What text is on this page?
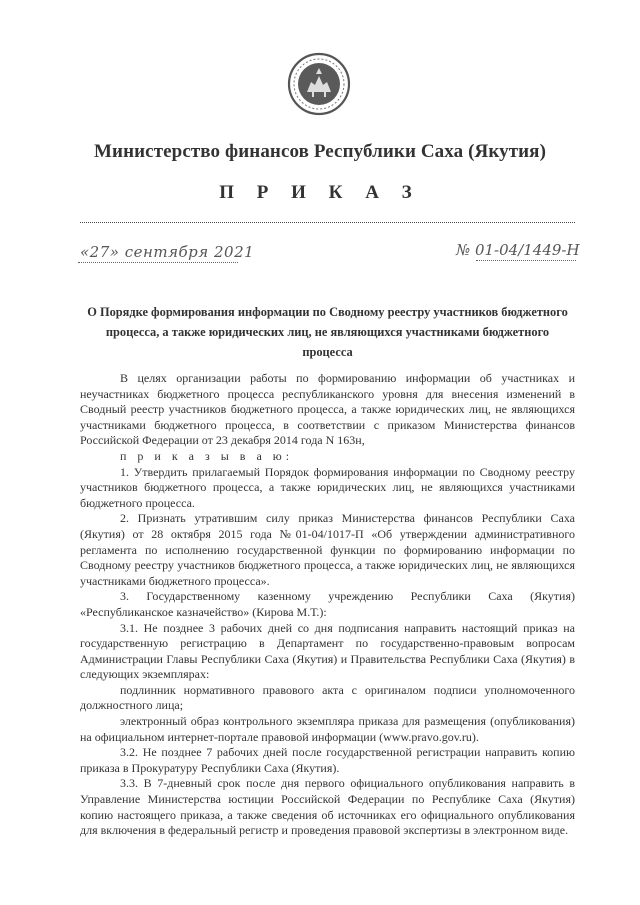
Министерство финансов Республики Саха (Якутия)
П Р И К А З
«27» сентября 2021	№ 01-04/1449-Н
О Порядке формирования информации по Сводному реестру участников бюджетного процесса, а также юридических лиц, не являющихся участниками бюджетного процесса

В целях организации работы по формированию информации об участниках и неучастниках бюджетного процесса республиканского уровня для внесения изменений в Сводный реестр участников бюджетного процесса, а также юридических лиц, не являющихся участниками бюджетного процесса, в соответствии с приказом Министерства финансов Российской Федерации от 23 декабря 2014 года N 163н,

п р и к а з ы в а ю:

1. Утвердить прилагаемый Порядок формирования информации по Сводному реестру участников бюджетного процесса, а также юридических лиц, не являющихся участниками бюджетного процесса.

2. Признать утратившим силу приказ Министерства финансов Республики Саха (Якутия) от 28 октября 2015 года №01-04/1017-П «Об утверждении административного регламента по исполнению государственной функции по формированию информации по Сводному реестру участников бюджетного процесса, а также юридических лиц, не являющихся участниками бюджетного процесса».

3. Государственному казенному учреждению Республики Саха (Якутия) «Республиканское казначейство» (Кирова М.Т.):

3.1. Не позднее 3 рабочих дней со дня подписания направить настоящий приказ на государственную регистрацию в Департамент по государственно-правовым вопросам Администрации Главы Республики Саха (Якутия) и Правительства Республики Саха (Якутия) в следующих экземплярах:

подлинник нормативного правового акта с оригиналом подписи уполномоченного должностного лица;

электронный образ контрольного экземпляра приказа для размещения (опубликования) на официальном интернет-портале правовой информации (www.pravo.gov.ru).

3.2. Не позднее 7 рабочих дней после государственной регистрации направить копию приказа в Прокуратуру Республики Саха (Якутия).

3.3. В 7-дневный срок после дня первого официального опубликования направить в Управление Министерства юстиции Российской Федерации по Республике Саха (Якутия) копию настоящего приказа, а также сведения об источниках его официального опубликования для включения в федеральный регистр и проведения правовой экспертизы в электронном виде.
